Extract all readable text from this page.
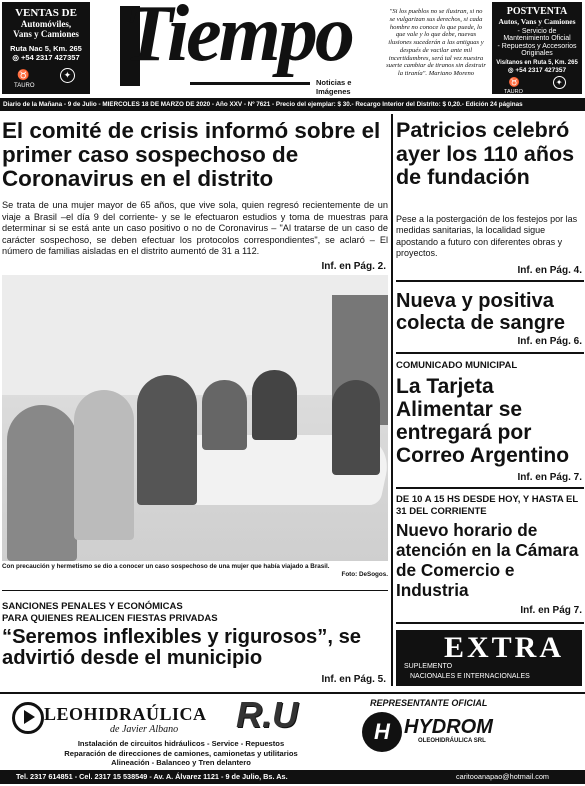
VENTAS DE
Automóviles,
Vans y Camiones
Ruta Nac 5, Km. 265
◎ +54 2317 427357
♉	✦
TAURO
Tiempo
Noticias e Imágenes
"Si los pueblos no se ilustran, si no se vulgarizan sus derechos, si cada hombre no conoce lo que puede, lo que vale y lo que debe, nuevas ilusiones sucederán a las antiguas y después de vacilar ante mil incertidumbres, será tal vez nuestra suerte cambiar de tiranos sin destruir la tiranía". Mariano Moreno
POSTVENTA
Autos, Vans y Camiones
- Servicio de
Mantenimiento Oficial
- Repuestos y Accesorios
Originales
Visítanos en Ruta 5, Km. 265
◎ +54 2317 427357
♉	✦
TAURO
Diario de la Mañana - 9 de Julio - MIERCOLES 18 DE MARZO DE 2020 - Año XXV - Nº 7621 - Precio del ejemplar: $ 30.- Recargo Interior del Distrito: $ 0,20.- Edición 24 páginas
El comité de crisis informó sobre el primer caso sospechoso de Coronavirus en el distrito
Se trata de una mujer mayor de 65 años, que vive sola, quien regresó recientemente de un viaje a Brasil –el día 9 del corriente- y se le efectuaron estudios y toma de muestras para determinar si se está ante un caso positivo o no de Coronavirus – "Al tratarse de un caso de carácter sospechoso, se deben efectuar los protocolos correspondientes", se aclaró – El número de familias aisladas en el distrito aumentó de 31 a 112.
Inf. en Pág. 2.
Con precaución y hermetismo se dio a conocer un caso sospechoso de una mujer que había viajado a Brasil.
Foto: DeSogos.
SANCIONES PENALES Y ECONÓMICAS
PARA QUIENES REALICEN FIESTAS PRIVADAS
“Seremos inflexibles y rigurosos”, se advirtió desde el municipio
Inf. en Pág. 5.
Patricios celebró ayer los 110 años de fundación
Pese a la postergación de los festejos por las medidas sanitarias, la localidad sigue apostando a futuro con diferentes obras y proyectos.
Inf. en Pág. 4.
Nueva y positiva colecta de sangre
Inf. en Pág. 6.
COMUNICADO MUNICIPAL
La Tarjeta Alimentar se entregará por Correo Argentino
Inf. en Pág. 7.
DE 10 A 15 HS DESDE HOY, Y HASTA EL 31 DEL CORRIENTE
Nuevo horario de atención en la Cámara de Comercio e Industria
Inf. en Pág 7.
EXTRA
SUPLEMENTO
NACIONALES E INTERNACIONALES
LEOHIDRAÚLICA R.U
de Javier Albano
Instalación de circuitos hidráulicos - Service - Repuestos
Reparación de direcciones de camiones, camionetas y utilitarios
Alineación - Balanceo y Tren delantero
REPRESENTANTE OFICIAL
H HYDROM
OLEOHIDRÁULICA SRL
Tel. 2317 614851 - Cel. 2317 15 538549 - Av. A. Álvarez 1121 - 9 de Julio, Bs. As.	caritooanapao@hotmail.com
